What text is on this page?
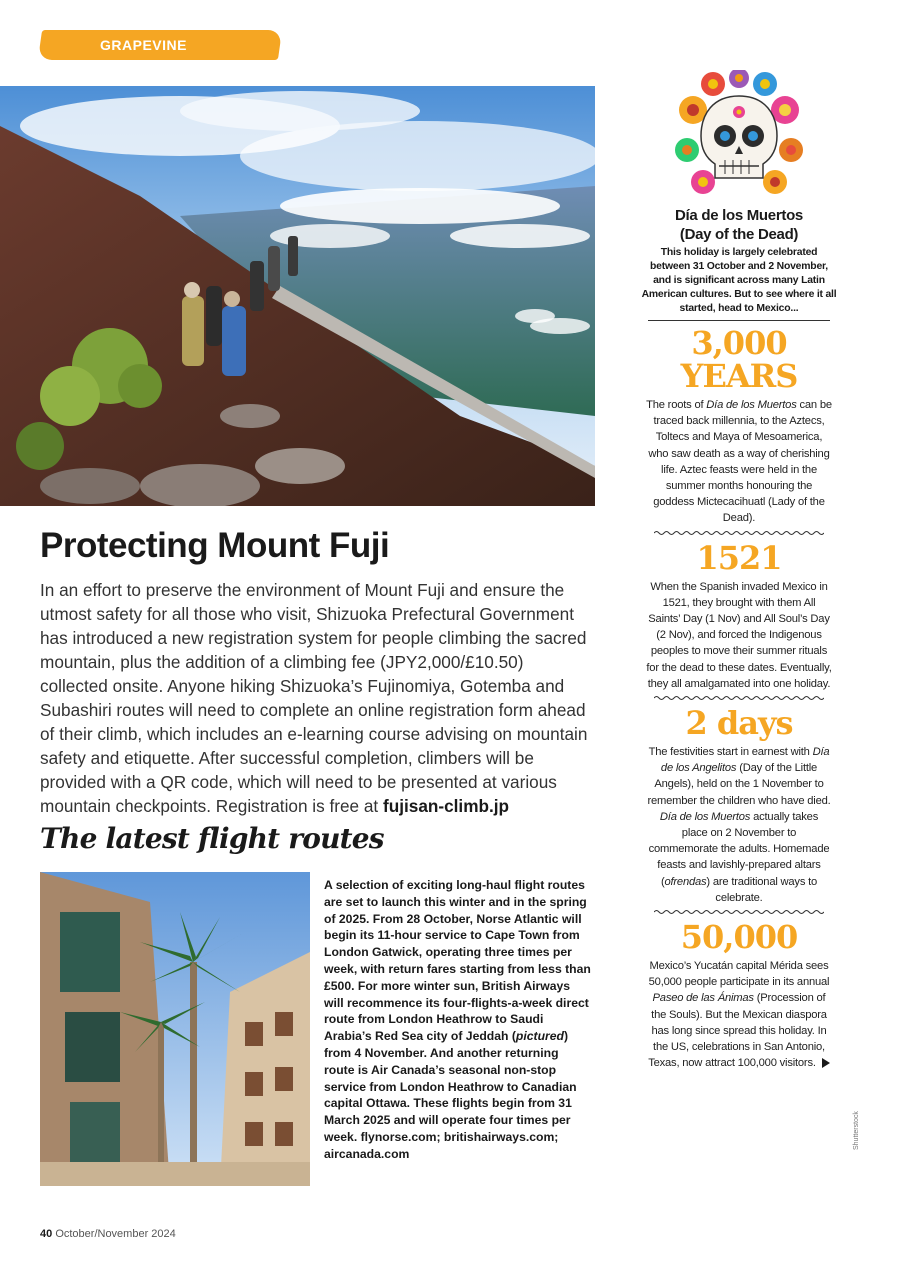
GRAPEVINE
Protecting Mount Fuji

In an effort to preserve the environment of Mount Fuji and ensure the utmost safety for all those who visit, Shizuoka Prefectural Government has introduced a new registration system for people climbing the sacred mountain, plus the addition of a climbing fee (JPY2,000/£10.50) collected onsite. Anyone hiking Shizuoka’s Fujinomiya, Gotemba and Subashiri routes will need to complete an online registration form ahead of their climb, which includes an e-learning course advising on mountain safety and etiquette. After successful completion, climbers will be provided with a QR code, which will need to be presented at various mountain checkpoints. Registration is free at fujisan-climb.jp

The latest flight routes

A selection of exciting long-haul flight routes are set to launch this winter and in the spring of 2025. From 28 October, Norse Atlantic will begin its 11-hour service to Cape Town from London Gatwick, operating three times per week, with return fares starting from less than £500. For more winter sun, British Airways will recommence its four-flights-a-week direct route from London Heathrow to Saudi Arabia’s Red Sea city of Jeddah (pictured) from 4 November. And another returning route is Air Canada’s seasonal non-stop service from London Heathrow to Canadian capital Ottawa. These flights begin from 31 March 2025 and will operate four times per week. flynorse.com; britishairways.com; aircanada.com

40 October/November 2024

Shutterstock
Día de los Muertos
(Day of the Dead)

This holiday is largely celebrated between 31 October and 2 November, and is significant across many Latin American cultures. But to see where it all started, head to Mexico...

3,000
YEARS

The roots of Día de los Muertos can be traced back millennia, to the Aztecs, Toltecs and Maya of Mesoamerica, who saw death as a way of cherishing life. Aztec feasts were held in the summer months honouring the goddess Mictecacihuatl (Lady of the Dead).

1521

When the Spanish invaded Mexico in 1521, they brought with them All Saints’ Day (1 Nov) and All Soul’s Day (2 Nov), and forced the Indigenous peoples to move their summer rituals for the dead to these dates. Eventually, they all amalgamated into one holiday.

2 days

The festivities start in earnest with Día de los Angelitos (Day of the Little Angels), held on the 1 November to remember the children who have died. Día de los Muertos actually takes place on 2 November to commemorate the adults. Homemade feasts and lavishly-prepared altars (ofrendas) are traditional ways to celebrate.

50,000

Mexico’s Yucatán capital Mérida sees 50,000 people participate in its annual Paseo de las Ánimas (Procession of the Souls). But the Mexican diaspora has long since spread this holiday. In the US, celebrations in San Antonio, Texas, now attract 100,000 visitors.
